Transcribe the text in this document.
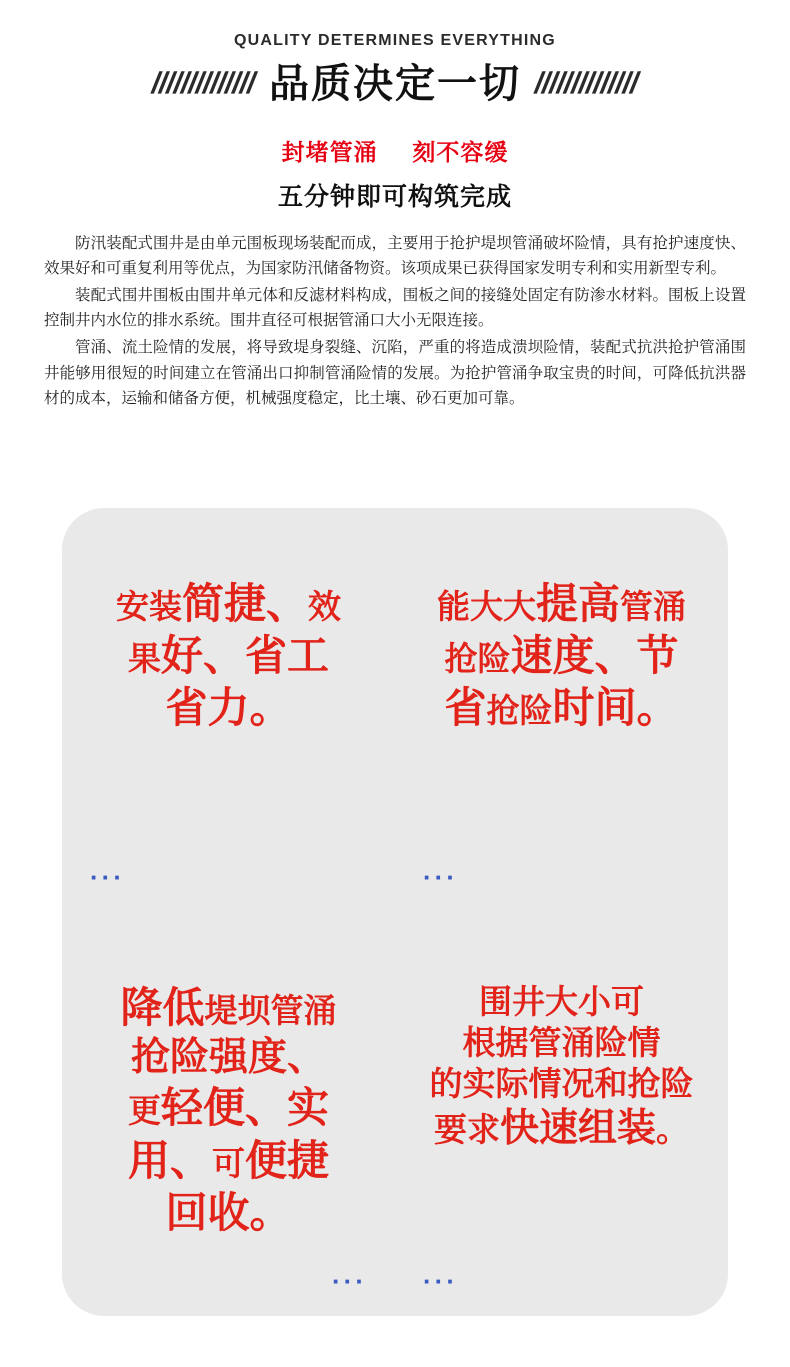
QUALITY DETERMINES EVERYTHING
////////////// 品质决定一切 //////////////
封堵管涌 刻不容缓
五分钟即可构筑完成

防汛装配式围井是由单元围板现场装配而成，主要用于抢护堤坝管涌破坏险情，具有抢护速度快、效果好和可重复利用等优点，为国家防汛储备物资。该项成果已获得国家发明专利和实用新型专利。

装配式围井围板由围井单元体和反滤材料构成，围板之间的接缝处固定有防渗水材料。围板上设置控制井内水位的排水系统。围井直径可根据管涌口大小无限连接。

管涌、流土险情的发展，将导致堤身裂缝、沉陷，严重的将造成溃坝险情，装配式抗洪抢护管涌围井能够用很短的时间建立在管涌出口抑制管涌险情的发展。为抢护管涌争取宝贵的时间，可降低抗洪器材的成本，运输和储备方便，机械强度稳定，比土壤、砂石更加可靠。

安装简捷、效
果好、省工
省力。
···
能大大提高管涌
抢险速度、节
省抢险时间。
···
降低堤坝管涌
抢险强度、
更轻便、实
用、可便捷
回收。
···
围井大小可
根据管涌险情
的实际情况和抢险
要求快速组装。
···
